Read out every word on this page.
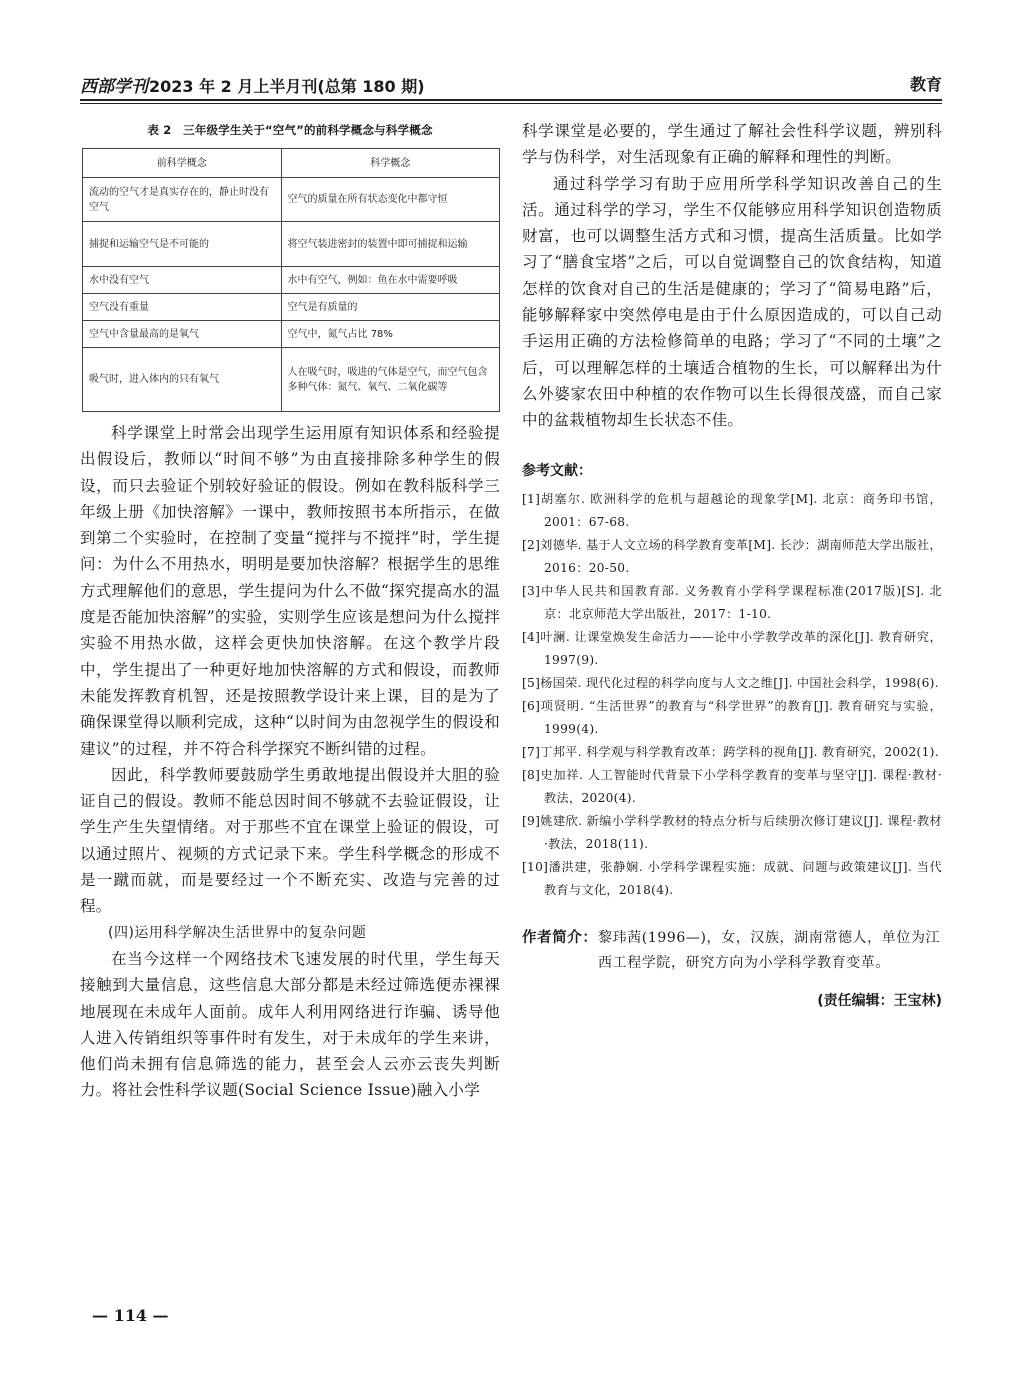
西部学刊2023 年 2 月上半月刊(总第 180 期)	教育
表 2　三年级学生关于“空气”的前科学概念与科学概念
前科学概念	科学概念
流动的空气才是真实存在的，静止时没有空气	空气的质量在所有状态变化中都守恒
捕捉和运输空气是不可能的	将空气装进密封的装置中即可捕捉和运输
水中没有空气	水中有空气，例如：鱼在水中需要呼吸
空气没有重量	空气是有质量的
空气中含量最高的是氧气	空气中，氮气占比 78%
吸气时，进入体内的只有氧气	人在吸气时，吸进的气体是空气，而空气包含多种气体：氮气、氧气、二氧化碳等

科学课堂上时常会出现学生运用原有知识体系和经验提出假设后，教师以“时间不够”为由直接排除多种学生的假设，而只去验证个别较好验证的假设。例如在教科版科学三年级上册《加快溶解》一课中，教师按照书本所指示，在做到第二个实验时，在控制了变量“搅拌与不搅拌”时，学生提问：为什么不用热水，明明是要加快溶解？根据学生的思维方式理解他们的意思，学生提问为什么不做“探究提高水的温度是否能加快溶解”的实验，实则学生应该是想问为什么搅拌实验不用热水做，这样会更快加快溶解。在这个教学片段中，学生提出了一种更好地加快溶解的方式和假设，而教师未能发挥教育机智，还是按照教学设计来上课，目的是为了确保课堂得以顺利完成，这种“以时间为由忽视学生的假设和建议”的过程，并不符合科学探究不断纠错的过程。

因此，科学教师要鼓励学生勇敢地提出假设并大胆的验证自己的假设。教师不能总因时间不够就不去验证假设，让学生产生失望情绪。对于那些不宜在课堂上验证的假设，可以通过照片、视频的方式记录下来。学生科学概念的形成不是一蹴而就，而是要经过一个不断充实、改造与完善的过程。

(四)运用科学解决生活世界中的复杂问题

在当今这样一个网络技术飞速发展的时代里，学生每天接触到大量信息，这些信息大部分都是未经过筛选便赤裸裸地展现在未成年人面前。成年人利用网络进行诈骗、诱导他人进入传销组织等事件时有发生，对于未成年的学生来讲，他们尚未拥有信息筛选的能力，甚至会人云亦云丧失判断力。将社会性科学议题(Social Science Issue)融入小学

科学课堂是必要的，学生通过了解社会性科学议题，辨别科学与伪科学，对生活现象有正确的解释和理性的判断。

通过科学学习有助于应用所学科学知识改善自己的生活。通过科学的学习，学生不仅能够应用科学知识创造物质财富，也可以调整生活方式和习惯，提高生活质量。比如学习了“膳食宝塔”之后，可以自觉调整自己的饮食结构，知道怎样的饮食对自己的生活是健康的；学习了“简易电路”后，能够解释家中突然停电是由于什么原因造成的，可以自己动手运用正确的方法检修简单的电路；学习了“不同的土壤”之后，可以理解怎样的土壤适合植物的生长，可以解释出为什么外婆家农田中种植的农作物可以生长得很茂盛，而自己家中的盆栽植物却生长状态不佳。

参考文献：
[1]胡塞尔. 欧洲科学的危机与超越论的现象学[M]. 北京：商务印书馆，2001：67-68.
[2]刘德华. 基于人文立场的科学教育变革[M]. 长沙：湖南师范大学出版社，2016：20-50.
[3]中华人民共和国教育部. 义务教育小学科学课程标准(2017版)[S]. 北京：北京师范大学出版社，2017：1-10.
[4]叶澜. 让课堂焕发生命活力——论中小学教学改革的深化[J]. 教育研究，1997(9).
[5]杨国荣. 现代化过程的科学向度与人文之维[J]. 中国社会科学，1998(6).
[6]项贤明. “生活世界”的教育与“科学世界”的教育[J]. 教育研究与实验，1999(4).
[7]丁邦平. 科学观与科学教育改革：跨学科的视角[J]. 教育研究，2002(1).
[8]史加祥. 人工智能时代背景下小学科学教育的变革与坚守[J]. 课程·教材·教法，2020(4).
[9]姚建欣. 新编小学科学教材的特点分析与后续册次修订建议[J]. 课程·教材·教法，2018(11).
[10]潘洪建，张静娴. 小学科学课程实施：成就、问题与政策建议[J]. 当代教育与文化，2018(4).
作者简介： 黎玮茜(1996—)，女，汉族，湖南常德人，单位为江西工程学院，研究方向为小学科学教育变革。
(责任编辑：王宝林)
— 114 —
